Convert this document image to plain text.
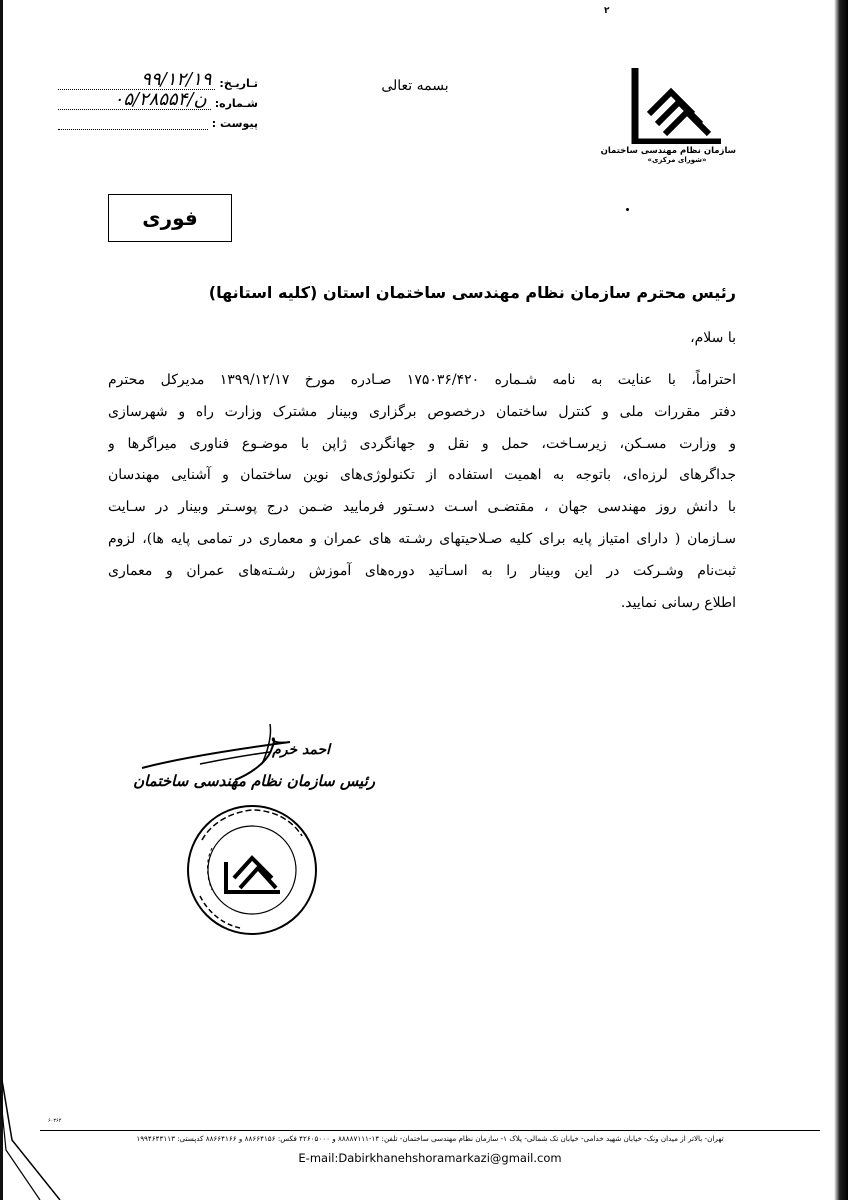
۲
سازمان نظام مهندسی ساختمان
«شورای مرکزی»
بسمه تعالی
تـاریـخ:
۹۹/۱۲/۱۹
شـماره:
۰۵/۲۸۵۵۴/ن
پیوست :
فوری
رئیس محترم سازمان نظام مهندسی ساختمان استان (کلیه استانها)
با سلام،
احتراماً، با عنایت به نامه شـماره ۱۷۵۰۳۶/۴۲۰ صـادره مورخ ۱۳۹۹/۱۲/۱۷ مدیرکل محترم
دفتر مقررات ملی و کنترل ساختمان درخصوص برگزاری وبینار مشترک وزارت راه و شهرسازی
و وزارت مسـکن، زیرسـاخت، حمل و نقل و جهانگردی ژاپن با موضـوع فناوری میراگرها و
جداگرهای لرزه‌ای، باتوجه به اهمیت استفاده از تکنولوژی‌های نوین ساختمان و آشنایی مهندسان
با دانش روز مهندسی جهان ، مقتضـی اسـت دسـتور فرمایید ضـمن درج پوسـتر وبینار در سـایت
سـازمان ( دارای امتیاز پایه برای کلیه صـلاحیتهای رشـته های عمران و معماری در تمامی پایه ها)، لزوم
ثبت‌نام وشـرکت در این وبینار را به اسـاتید دوره‌های آموزش رشـته‌های عمران و معماری
اطلاع رسانی نمایید.
احمد خرم
رئیس سازمان نظام مهندسی ساختمان
۶۰۳۶۴
تهران- بالاتر از میدان ونک- خیابان شهید خدامی- خیابان تک شمالی- پلاک ۱- سازمان نظام مهندسی ساختمان- تلفن: ۱۴-۸۸۸۸۷۱۱۱ و ۴۲۶۰۵۰۰۰ فکس: ۸۸۶۶۴۱۵۶ و ۸۸۶۶۴۱۶۶ کدپستی: ۱۹۹۴۶۴۳۱۱۳
E-mail:Dabirkhanehshoramarkazi@gmail.com
